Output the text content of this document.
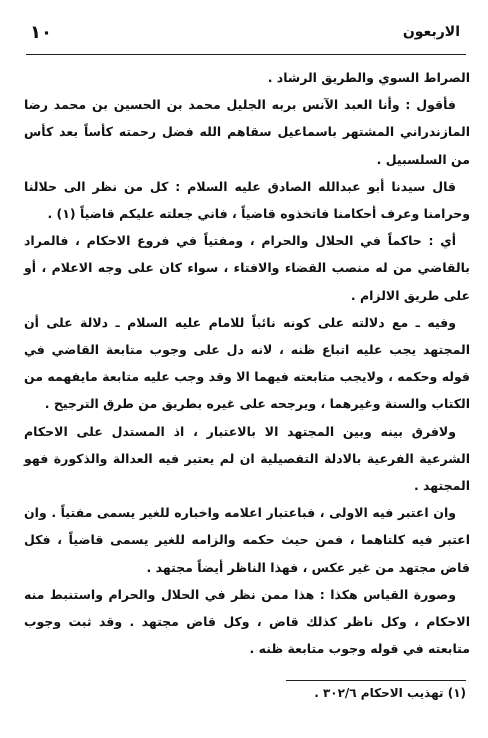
١٠	الاربعون

الصراط السوي والطريق الرشاد .

فأقول : وأنا العبد الآنس بربه الجليل محمد بن الحسين بن محمد رضا المازندراني المشتهر باسماعيل سقاهم الله فضل رحمته كأساً بعد كأس من السلسبيل .

قال سيدنا أبو عبدالله الصادق عليه السلام : كل من نظر الى حلالنا وحرامنا وعرف أحكامنا فاتخذوه قاضياً ، فاني جعلته عليكم قاضياً (١) .

أي : حاكماً في الحلال والحرام ، ومفتياً في فروع الاحكام ، فالمراد بالقاضي من له منصب القضاء والافتاء ، سواء كان على وجه الاعلام ، أو على طريق الالزام .

وفيه ـ مع دلالته على كونه نائباً للامام عليه السلام ـ دلالة على أن المجتهد يجب عليه اتباع ظنه ، لانه دل على وجوب متابعة القاضي في قوله وحكمه ، ولايجب متابعته فيهما الا وقد وجب عليه متابعة مايفهمه من الكتاب والسنة وغيرهما ، ويرجحه على غيره بطريق من طرق الترجيح .

ولافرق بينه وبين المجتهد الا بالاعتبار ، اذ المستدل على الاحكام الشرعية الفرعية بالادلة التفصيلية ان لم يعتبر فيه العدالة والذكورة فهو المجتهد .

وان اعتبر فيه الاولى ، فباعتبار اعلامه واخباره للغير يسمى مفتياً . وان اعتبر فيه كلتاهما ، فمن حيث حكمه والزامه للغير يسمى قاضياً ، فكل قاض مجتهد من غير عكس ، فهذا الناظر أيضاً مجتهد .

وصورة القياس هكذا : هذا ممن نظر في الحلال والحرام واستنبط منه الاحكام ، وكل ناظر كذلك قاض ، وكل قاض مجتهد . وقد ثبت وجوب متابعته في قوله وجوب متابعة ظنه .

(١) تهذيب الاحكام ٣٠٢/٦ .
